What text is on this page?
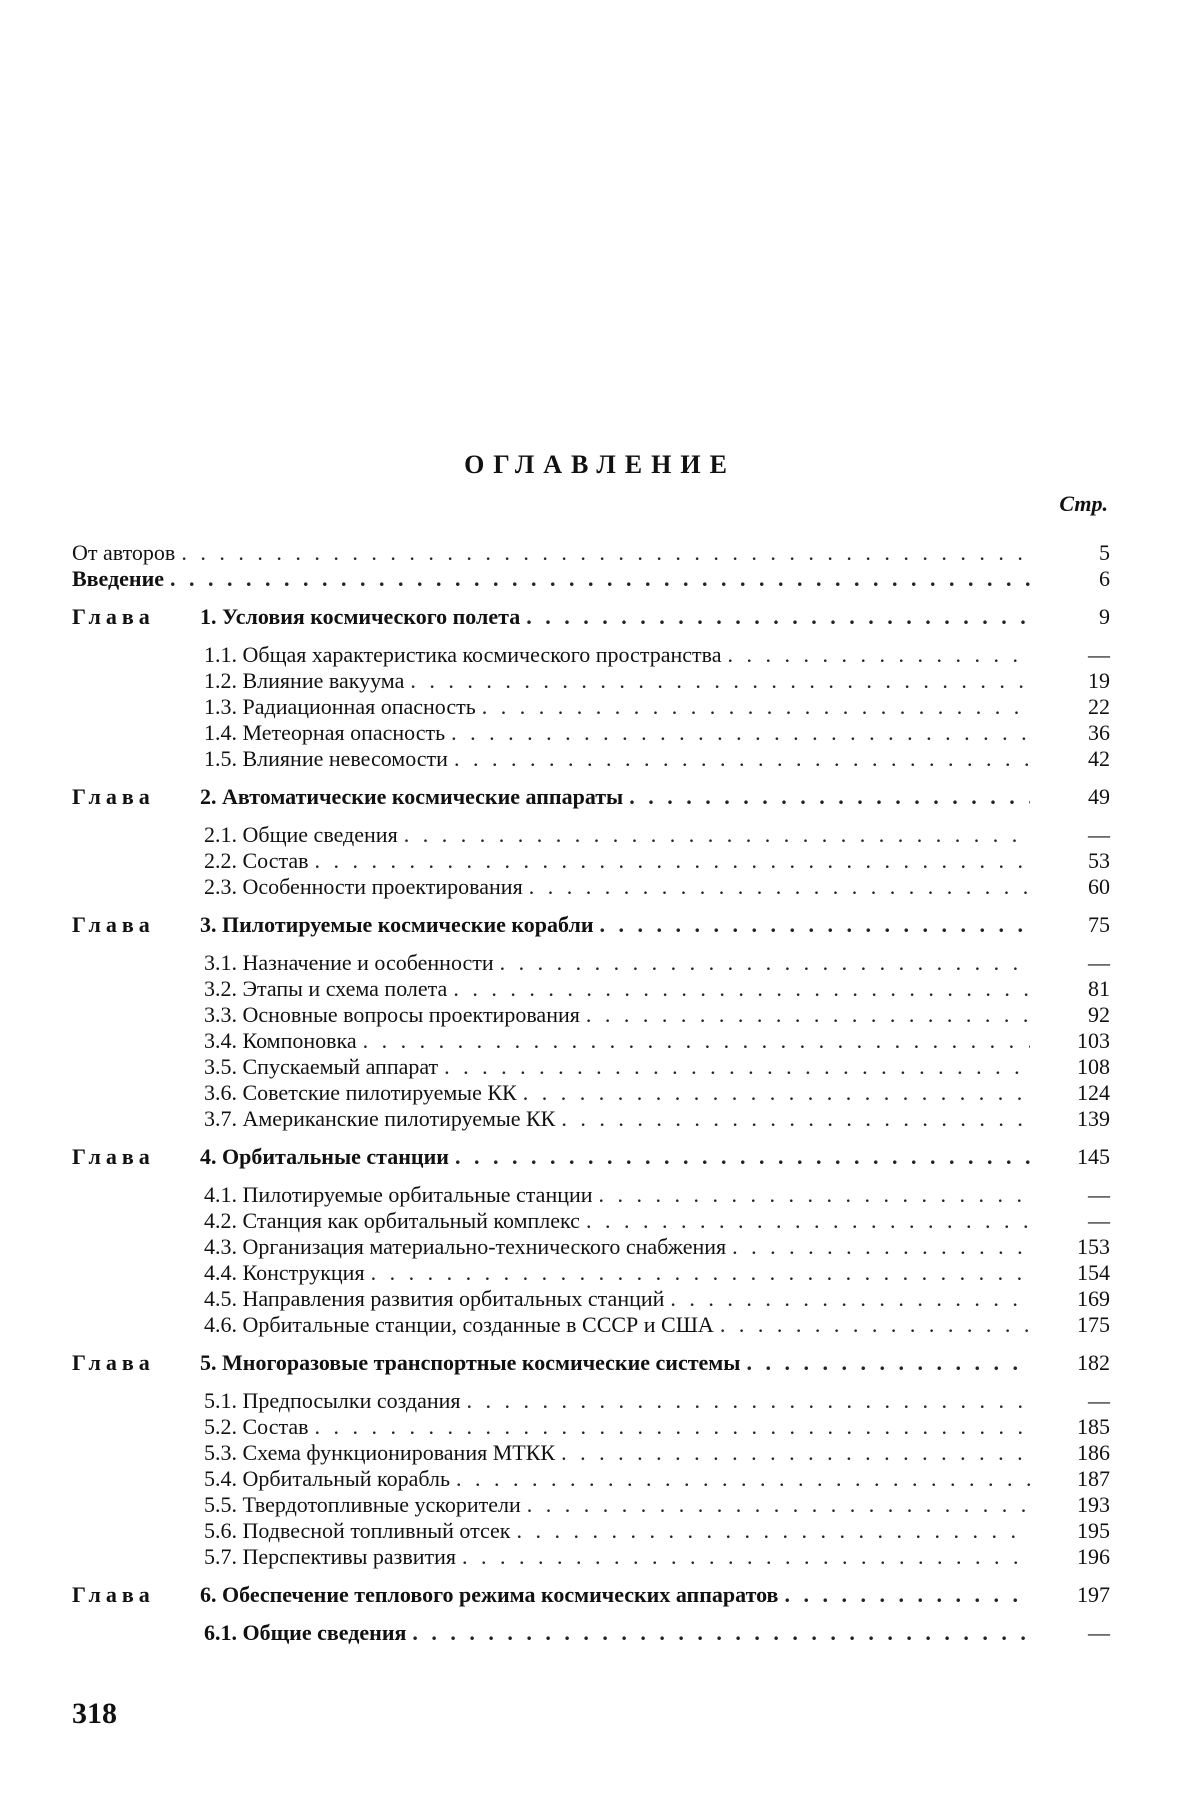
ОГЛАВЛЕНИЕ
Стр.
От авторов . . .	5
Введение . . .	6
Глава	1. Условия космического полета . . .	9
1.1. Общая характеристика космического пространства . . .	—
1.2. Влияние вакуума . . .	19
1.3. Радиационная опасность . . .	22
1.4. Метеорная опасность . . .	36
1.5. Влияние невесомости . . .	42
Глава	2. Автоматические космические аппараты . . .	49
2.1. Общие сведения . . .	—
2.2. Состав . . .	53
2.3. Особенности проектирования . . .	60
Глава	3. Пилотируемые космические корабли . . .	75
3.1. Назначение и особенности . . .	—
3.2. Этапы и схема полета . . .	81
3.3. Основные вопросы проектирования . . .	92
3.4. Компоновка . . .	103
3.5. Спускаемый аппарат . . .	108
3.6. Советские пилотируемые КК . . .	124
3.7. Американские пилотируемые КК . . .	139
Глава	4. Орбитальные станции . . .	145
4.1. Пилотируемые орбитальные станции . . .	—
4.2. Станция как орбитальный комплекс . . .	—
4.3. Организация материально-технического снабжения . . .	153
4.4. Конструкция . . .	154
4.5. Направления развития орбитальных станций . . .	169
4.6. Орбитальные станции, созданные в СССР и США . . .	175
Глава	5. Многоразовые транспортные космические системы . . .	182
5.1. Предпосылки создания . . .	—
5.2. Состав . . .	185
5.3. Схема функционирования МТКК . . .	186
5.4. Орбитальный корабль . . .	187
5.5. Твердотопливные ускорители . . .	193
5.6. Подвесной топливный отсек . . .	195
5.7. Перспективы развития . . .	196
Глава	6. Обеспечение теплового режима космических аппаратов . . .	197
6.1. Общие сведения . . .	—
318
